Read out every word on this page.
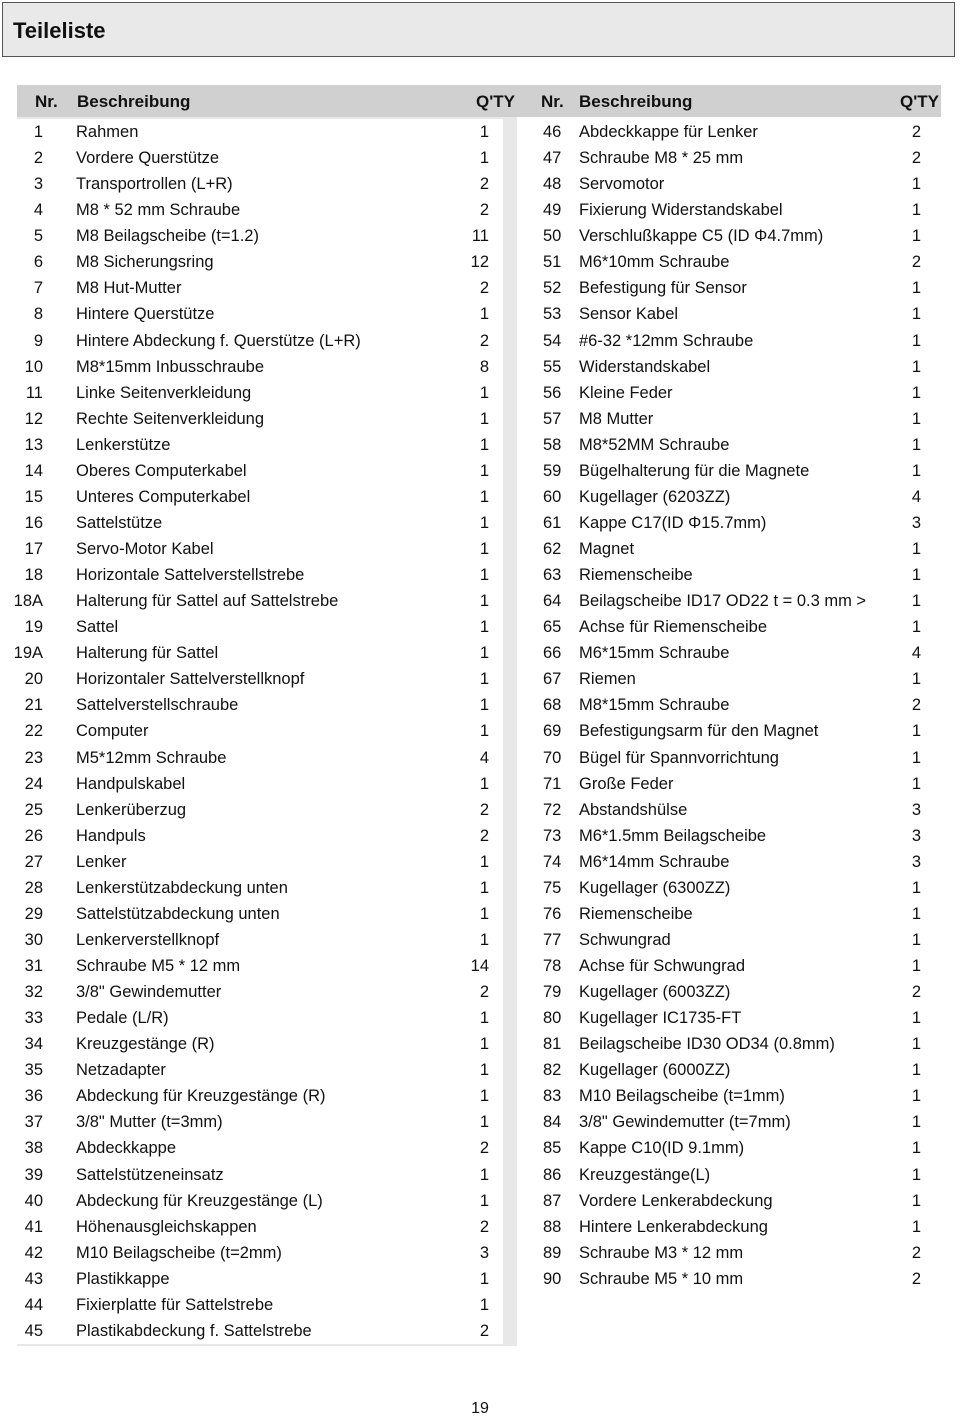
Teileliste
Nr. Beschreibung	Q'TY
1 Rahmen	1
2 Vordere Querstütze	1
3 Transportrollen (L+R)	2
4 M8 * 52 mm Schraube	2
5 M8 Beilagscheibe (t=1.2)	11
6 M8 Sicherungsring	12
7 M8 Hut-Mutter	2
8 Hintere Querstütze	1
9 Hintere Abdeckung f. Querstütze (L+R)	2
10 M8*15mm Inbusschraube	8
11 Linke Seitenverkleidung	1
12 Rechte Seitenverkleidung	1
13 Lenkerstütze	1
14 Oberes Computerkabel	1
15 Unteres Computerkabel	1
16 Sattelstütze	1
17 Servo-Motor Kabel	1
18 Horizontale Sattelverstellstrebe	1
18A Halterung für Sattel auf Sattelstrebe	1
19 Sattel	1
19A Halterung für Sattel	1
20 Horizontaler Sattelverstellknopf	1
21 Sattelverstellschraube	1
22 Computer	1
23 M5*12mm Schraube	4
24 Handpulskabel	1
25 Lenkerüberzug	2
26 Handpuls	2
27 Lenker	1
28 Lenkerstützabdeckung unten	1
29 Sattelstützabdeckung unten	1
30 Lenkerverstellknopf	1
31 Schraube M5 * 12 mm	14
32 3/8" Gewindemutter	2
33 Pedale (L/R)	1
34 Kreuzgestänge (R)	1
35 Netzadapter	1
36 Abdeckung für Kreuzgestänge (R)	1
37 3/8" Mutter (t=3mm)	1
38 Abdeckkappe	2
39 Sattelstützeneinsatz	1
40 Abdeckung für Kreuzgestänge (L)	1
41 Höhenausgleichskappen	2
42 M10 Beilagscheibe (t=2mm)	3
43 Plastikkappe	1
44 Fixierplatte für Sattelstrebe	1
45 Plastikabdeckung f. Sattelstrebe	2
Nr. Beschreibung	Q'TY
46 Abdeckkappe für Lenker	2
47 Schraube M8 * 25 mm	2
48 Servomotor	1
49 Fixierung Widerstandskabel	1
50 Verschlußkappe C5 (ID Φ4.7mm)	1
51 M6*10mm Schraube	2
52 Befestigung für Sensor	1
53 Sensor Kabel	1
54 #6-32 *12mm Schraube	1
55 Widerstandskabel	1
56 Kleine Feder	1
57 M8 Mutter	1
58 M8*52MM Schraube	1
59 Bügelhalterung für die Magnete	1
60 Kugellager (6203ZZ)	4
61 Kappe C17(ID Φ15.7mm)	3
62 Magnet	1
63 Riemenscheibe	1
64 Beilagscheibe ID17 OD22 t = 0.3 mm >	1
65 Achse für Riemenscheibe	1
66 M6*15mm Schraube	4
67 Riemen	1
68 M8*15mm Schraube	2
69 Befestigungsarm für den Magnet	1
70 Bügel für Spannvorrichtung	1
71 Große Feder	1
72 Abstandshülse	3
73 M6*1.5mm Beilagscheibe	3
74 M6*14mm Schraube	3
75 Kugellager (6300ZZ)	1
76 Riemenscheibe	1
77 Schwungrad	1
78 Achse für Schwungrad	1
79 Kugellager (6003ZZ)	2
80 Kugellager IC1735-FT	1
81 Beilagscheibe ID30 OD34 (0.8mm)	1
82 Kugellager (6000ZZ)	1
83 M10 Beilagscheibe (t=1mm)	1
84 3/8" Gewindemutter (t=7mm)	1
85 Kappe C10(ID 9.1mm)	1
86 Kreuzgestänge(L)	1
87 Vordere Lenkerabdeckung	1
88 Hintere Lenkerabdeckung	1
89 Schraube M3 * 12 mm	2
90 Schraube M5 * 10 mm	2
19
